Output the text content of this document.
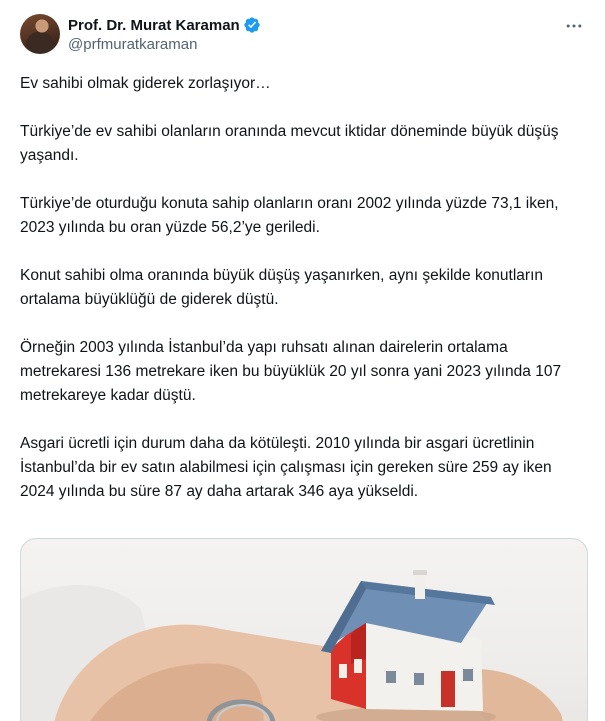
Prof. Dr. Murat Karaman
@prfmuratkaraman

Ev sahibi olmak giderek zorlaşıyor…

Türkiye’de ev sahibi olanların oranında mevcut iktidar döneminde büyük düşüş yaşandı.

Türkiye’de oturduğu konuta sahip olanların oranı 2002 yılında yüzde 73,1 iken, 2023 yılında bu oran yüzde 56,2’ye geriledi.

Konut sahibi olma oranında büyük düşüş yaşanırken, aynı şekilde konutların ortalama büyüklüğü de giderek düştü.

Örneğin 2003 yılında İstanbul’da yapı ruhsatı alınan dairelerin ortalama metrekaresi 136 metrekare iken bu büyüklük 20 yıl sonra yani 2023 yılında 107 metrekareye kadar düştü.

Asgari ücretli için durum daha da kötüleşti. 2010 yılında bir asgari ücretlinin İstanbul’da bir ev satın alabilmesi için çalışması için gereken süre 259 ay iken 2024 yılında bu süre 87 ay daha artarak 346 aya yükseldi.
